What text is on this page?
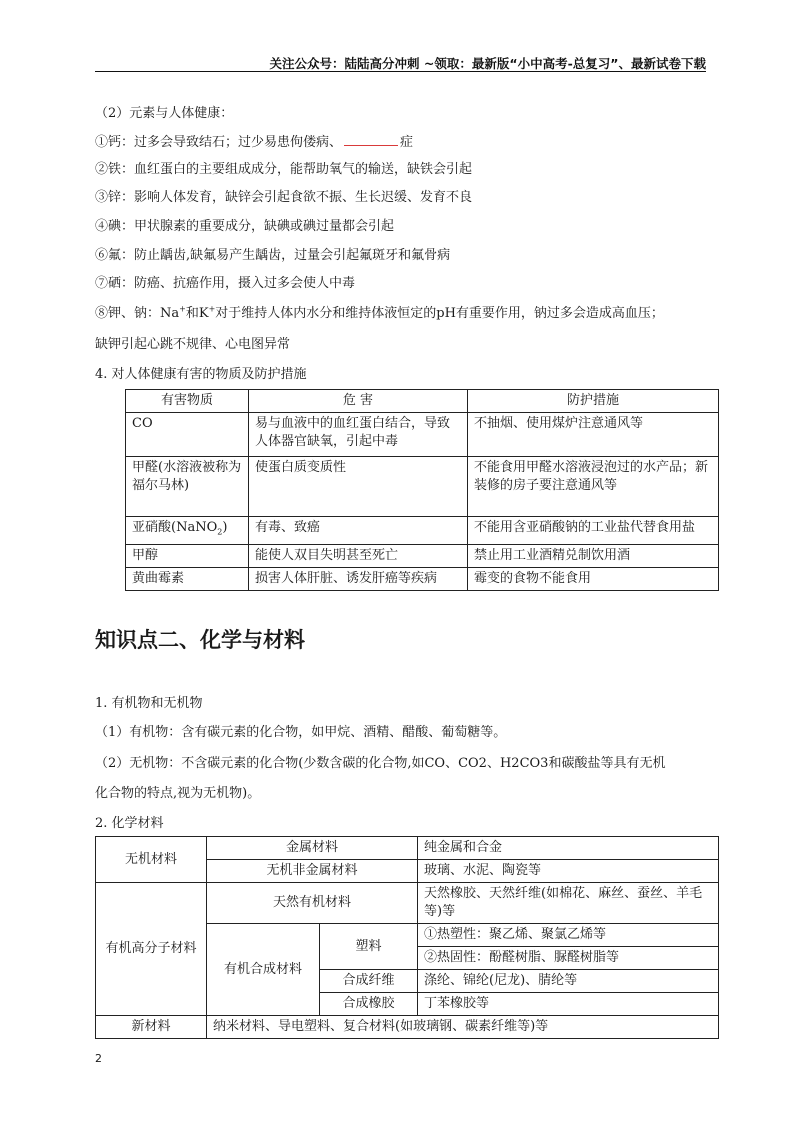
关注公众号：陆陆高分冲刺 ~领取：最新版“小中高考-总复习”、最新试卷下载
（2）元素与人体健康：
①钙：过多会导致结石；过少易患佝偻病、	症
②铁：血红蛋白的主要组成成分，能帮助氧气的输送，缺铁会引起
③锌：影响人体发育，缺锌会引起食欲不振、生长迟缓、发育不良
④碘：甲状腺素的重要成分，缺碘或碘过量都会引起
⑥氟：防止龋齿,缺氟易产生龋齿，过量会引起氟斑牙和氟骨病
⑦硒：防癌、抗癌作用，摄入过多会使人中毒
⑧钾、钠：Na+和K+对于维持人体内水分和维持体液恒定的pH有重要作用，钠过多会造成高血压；
缺钾引起心跳不规律、心电图异常
4. 对人体健康有害的物质及防护措施
有害物质	危 害	防护措施
CO	易与血液中的血红蛋白结合，导致人体器官缺氧，引起中毒	不抽烟、使用煤炉注意通风等
甲醛(水溶液被称为福尔马林)	使蛋白质变质性	不能食用甲醛水溶液浸泡过的水产品；新装修的房子要注意通风等
亚硝酸(NaNO$_2$)	有毒、致癌	不能用含亚硝酸钠的工业盐代替食用盐
甲醇	能使人双目失明甚至死亡	禁止用工业酒精兑制饮用酒
黄曲霉素	损害人体肝脏、诱发肝癌等疾病	霉变的食物不能食用
知识点二、化学与材料
1. 有机物和无机物
（1）有机物：含有碳元素的化合物，如甲烷、酒精、醋酸、葡萄糖等。
（2）无机物：不含碳元素的化合物(少数含碳的化合物,如CO、CO2、H2CO3和碳酸盐等具有无机
化合物的特点,视为无机物)。
2. 化学材料
无机材料	金属材料		纯金属和合金
	无机非金属材料		玻璃、水泥、陶瓷等
有机高分子材料	天然有机材料		天然橡胶、天然纤维(如棉花、麻丝、蚕丝、羊毛等)等
	有机合成材料	塑料	①热塑性：聚乙烯、聚氯乙烯等
			②热固性：酚醛树脂、脲醛树脂等
		合成纤维	涤纶、锦纶(尼龙)、腈纶等
		合成橡胶	丁苯橡胶等
新材料	纳米材料、导电塑料、复合材料(如玻璃钢、碳素纤维等)等		
2
